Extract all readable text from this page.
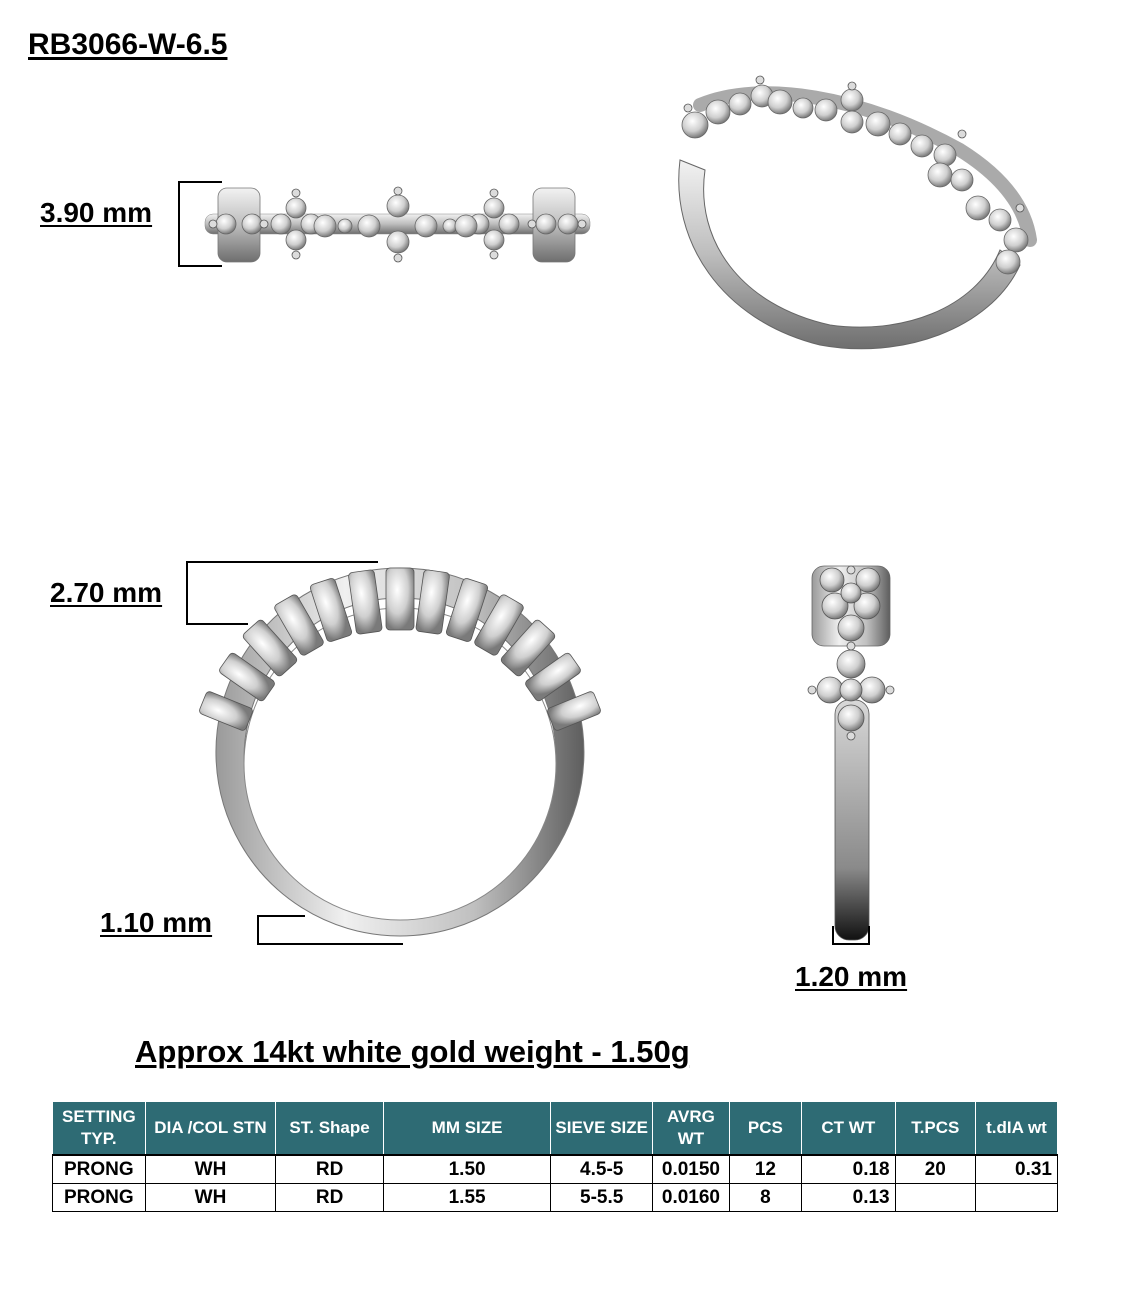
RB3066-W-6.5
3.90 mm
2.70 mm
1.10 mm
1.20 mm
Approx 14kt white gold weight - 1.50g
SETTING TYP.	DIA /COL STN	ST. Shape	MM SIZE	SIEVE SIZE	AVRG WT	PCS	CT WT	T.PCS	t.dIA wt
PRONG	WH	RD	1.50	4.5-5	0.0150	12	0.18	20	0.31
PRONG	WH	RD	1.55	5-5.5	0.0160	8	0.13		
